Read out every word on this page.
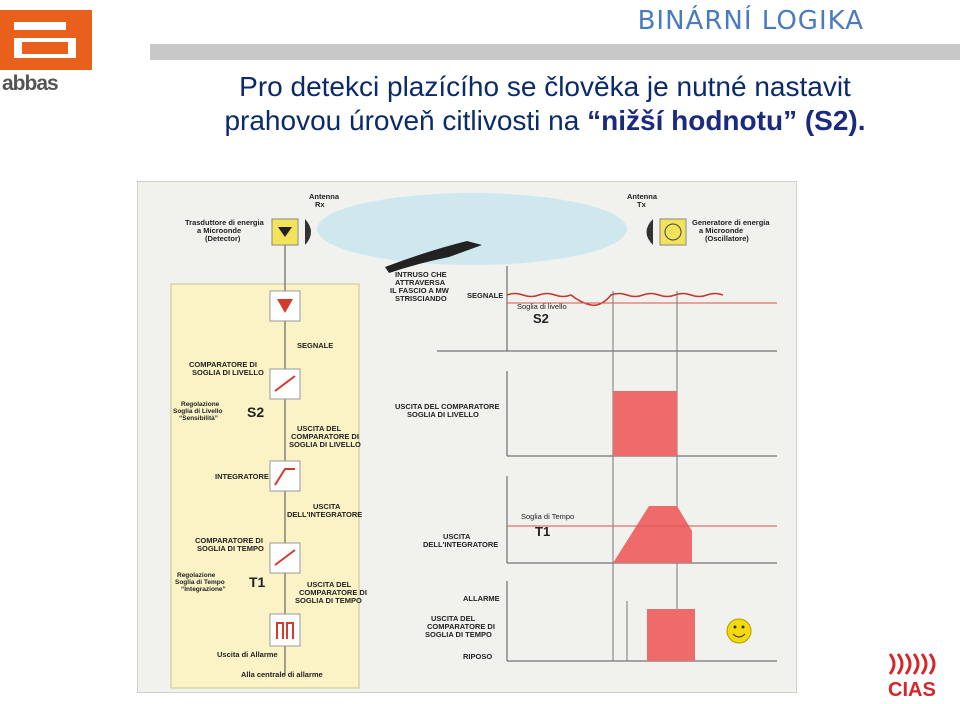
abbas
BINÁRNÍ LOGIKA
Pro detekci plazícího se člověka je nutné nastavit
prahovou úroveň citlivosti na “nižší hodnotu” (S2).
Trasduttore di energia a Microonde (Detector)
Antenna
Rx
Antenna
Tx
Generatore di energia a Microonde (Oscillatore)
SEGNALE
COMPARATORE DI SOGLIA DI LIVELLO
Regolazione Soglia di Livello “Sensibilità”	S2
USCITA DEL COMPARATORE DI SOGLIA DI LIVELLO
INTEGRATORE
USCITA DELL'INTEGRATORE
COMPARATORE DI SOGLIA DI TEMPO
Regolazione Soglia di Tempo “Integrazione” T1	USCITA DEL COMPARATORE DI SOGLIA DI TEMPO
Uscita di Allarme
Alla centrale di allarme
INTRUSO CHE ATTRAVERSA IL FASCIO A MW STRISCIANDO	SEGNALE
Soglia di livello
S2
USCITA DEL COMPARATORE SOGLIA DI LIVELLO
Soglia di Tempo
T1
USCITA DELL'INTEGRATORE
ALLARME
USCITA DEL COMPARATORE DI SOGLIA DI TEMPO
RIPOSO
CIAS
